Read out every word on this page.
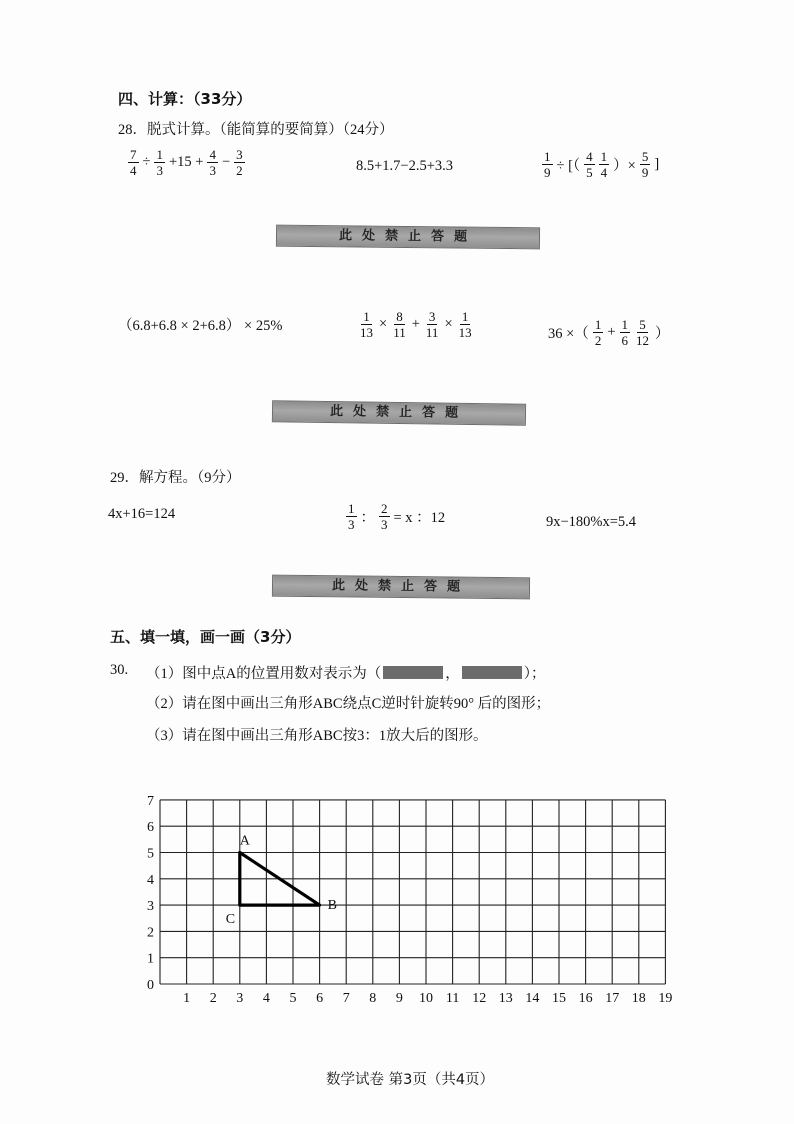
四、计算：（33分）
28．脱式计算。（能简算的要简算）（24分）
$\frac{7}{4} \div \frac{1}{3} +15 + \frac{4}{3} - \frac{3}{2}$	8.5+1.7−2.5+3.3	$\frac{1}{9}$ ÷ [（ $\frac{4}{5} \frac{1}{4}$ ）× $\frac{5}{9}$ ]
此处禁止答题
（6.8+6.8 × 2+6.8） × 25%	$\frac{1}{13} \times \frac{8}{11} + \frac{3}{11} \times \frac{1}{13}$	36 ×（ $\frac{1}{2} + \frac{1}{6} \frac{5}{12}$ ）
此处禁止答题
29．解方程。（9分）
4x+16=124	$\frac{1}{3}$ ： $\frac{2}{3} = x$ ：12	9x−180%x=5.4
此处禁止答题
五、填一填，画一画（3分）
30. （1）图中点A的位置用数对表示为（	，	）；
（2）请在图中画出三角形ABC绕点C逆时针旋转90° 后的图形；
（3）请在图中画出三角形ABC按3：1放大后的图形。
1 2 3 4 5 6 7 8 9 10 11 12 13 14 15 16 17 18 19
0
1
2
3
4
5
6
7
A
B
C
数学试卷 第3页（共4页）
